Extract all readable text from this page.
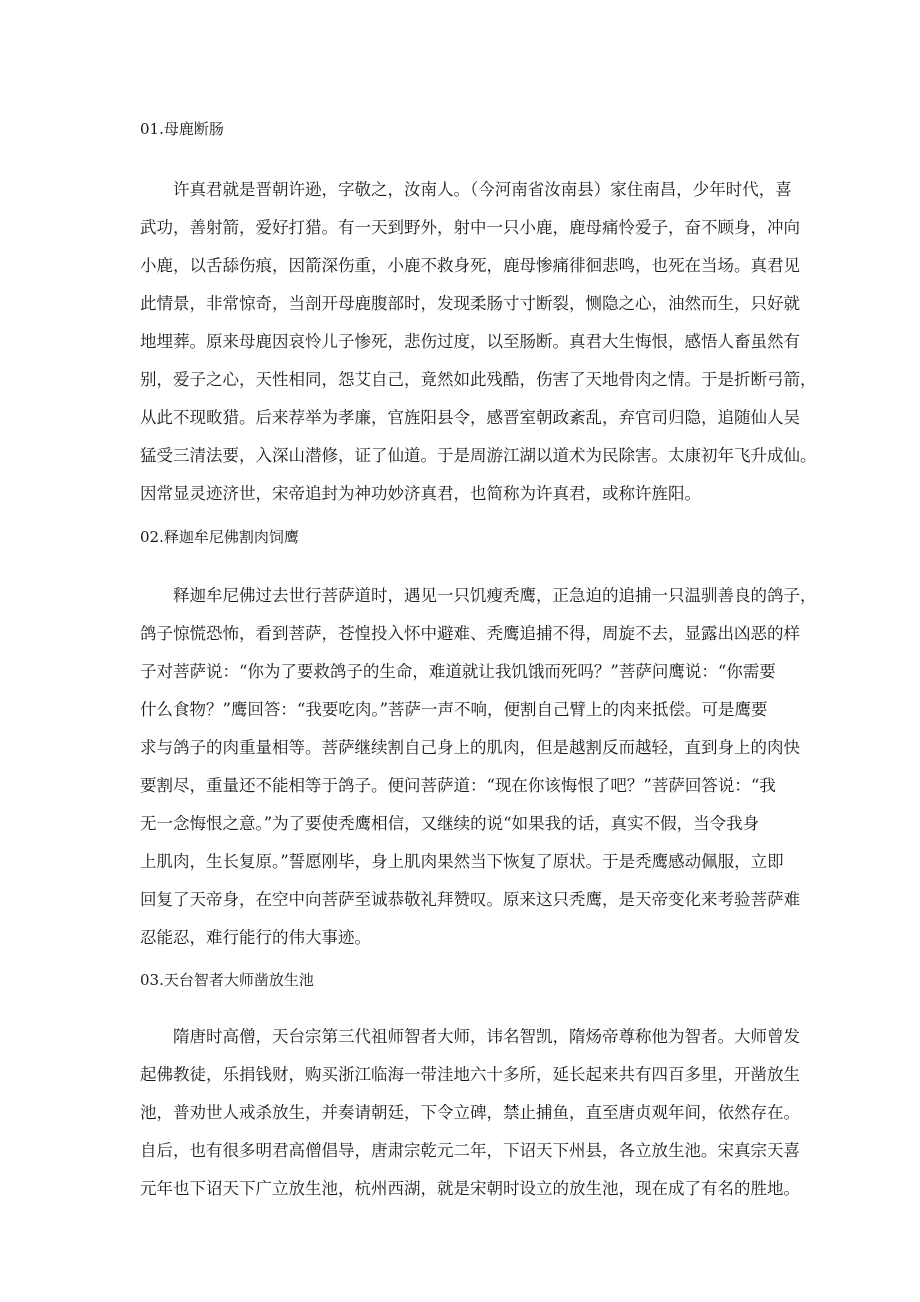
01.母鹿断肠
许真君就是晋朝许逊，字敬之，汝南人。（今河南省汝南县）家住南昌，少年时代，喜
武功，善射箭，爱好打猎。有一天到野外，射中一只小鹿，鹿母痛怜爱子，奋不顾身，冲向
小鹿，以舌舔伤痕，因箭深伤重，小鹿不救身死，鹿母惨痛徘徊悲鸣，也死在当场。真君见
此情景，非常惊奇，当剖开母鹿腹部时，发现柔肠寸寸断裂，恻隐之心，油然而生，只好就
地埋葬。原来母鹿因哀怜儿子惨死，悲伤过度，以至肠断。真君大生悔恨，感悟人畜虽然有
别，爱子之心，天性相同，怨艾自己，竟然如此残酷，伤害了天地骨肉之情。于是折断弓箭，
从此不现畋猎。后来荐举为孝廉，官旌阳县令，感晋室朝政紊乱，弃官司归隐，追随仙人吴
猛受三清法要，入深山潜修，证了仙道。于是周游江湖以道术为民除害。太康初年飞升成仙。
因常显灵迹济世，宋帝追封为神功妙济真君，也简称为许真君，或称许旌阳。
02.释迦牟尼佛割肉饲鹰
释迦牟尼佛过去世行菩萨道时，遇见一只饥瘦秃鹰，正急迫的追捕一只温驯善良的鸽子，
鸽子惊慌恐怖，看到菩萨，苍惶投入怀中避难、秃鹰追捕不得，周旋不去，显露出凶恶的样
子对菩萨说：“你为了要救鸽子的生命，难道就让我饥饿而死吗？”菩萨问鹰说：“你需要
什么食物？”鹰回答：“我要吃肉。”菩萨一声不响，便割自己臂上的肉来抵偿。可是鹰要
求与鸽子的肉重量相等。菩萨继续割自己身上的肌肉，但是越割反而越轻，直到身上的肉快
要割尽，重量还不能相等于鸽子。便问菩萨道：“现在你该悔恨了吧？”菩萨回答说：“我
无一念悔恨之意。”为了要使秃鹰相信，又继续的说“如果我的话，真实不假，当令我身
上肌肉，生长复原。”誓愿刚毕，身上肌肉果然当下恢复了原状。于是秃鹰感动佩服，立即
回复了天帝身，在空中向菩萨至诚恭敬礼拜赞叹。原来这只秃鹰，是天帝变化来考验菩萨难
忍能忍，难行能行的伟大事迹。
03.天台智者大师凿放生池
隋唐时高僧，天台宗第三代祖师智者大师，讳名智凯，隋炀帝尊称他为智者。大师曾发
起佛教徒，乐捐钱财，购买浙江临海一带洼地六十多所，延长起来共有四百多里，开凿放生
池，普劝世人戒杀放生，并奏请朝廷，下令立碑，禁止捕鱼，直至唐贞观年间，依然存在。
自后，也有很多明君高僧倡导，唐肃宗乾元二年，下诏天下州县，各立放生池。宋真宗天喜
元年也下诏天下广立放生池，杭州西湖，就是宋朝时设立的放生池，现在成了有名的胜地。
